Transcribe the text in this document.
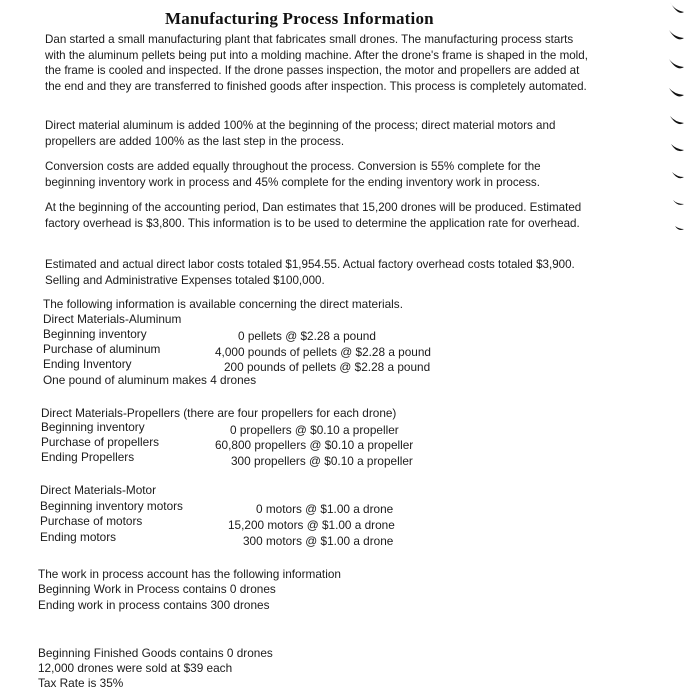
Manufacturing Process Information

Dan started a small manufacturing plant that fabricates small drones. The manufacturing process starts with the aluminum pellets being put into a molding machine. After the drone's frame is shaped in the mold, the frame is cooled and inspected. If the drone passes inspection, the motor and propellers are added at the end and they are transferred to finished goods after inspection. This process is completely automated.

Direct material aluminum is added 100% at the beginning of the process; direct material motors and propellers are added 100% as the last step in the process.

Conversion costs are added equally throughout the process. Conversion is 55% complete for the beginning inventory work in process and 45% complete for the ending inventory work in process.

At the beginning of the accounting period, Dan estimates that 15,200 drones will be produced. Estimated factory overhead is $3,800. This information is to be used to determine the application rate for overhead.

Estimated and actual direct labor costs totaled $1,954.55. Actual factory overhead costs totaled $3,900. Selling and Administrative Expenses totaled $100,000.

The following information is available concerning the direct materials.
Direct Materials-Aluminum
Beginning inventory	0 pellets @ $2.28 a pound
Purchase of aluminum	4,000 pounds of pellets @ $2.28 a pound
Ending Inventory	200 pounds of pellets @ $2.28 a pound
One pound of aluminum makes 4 drones
Direct Materials-Propellers (there are four propellers for each drone)
Beginning inventory	0 propellers @ $0.10 a propeller
Purchase of propellers	60,800 propellers @ $0.10 a propeller
Ending Propellers	300 propellers @ $0.10 a propeller
Direct Materials-Motor
Beginning inventory motors	0 motors @ $1.00 a drone
Purchase of motors	15,200 motors @ $1.00 a drone
Ending motors	300 motors @ $1.00 a drone
The work in process account has the following information
Beginning Work in Process contains 0 drones
Ending work in process contains 300 drones
Beginning Finished Goods contains 0 drones
12,000 drones were sold at $39 each
Tax Rate is 35%
